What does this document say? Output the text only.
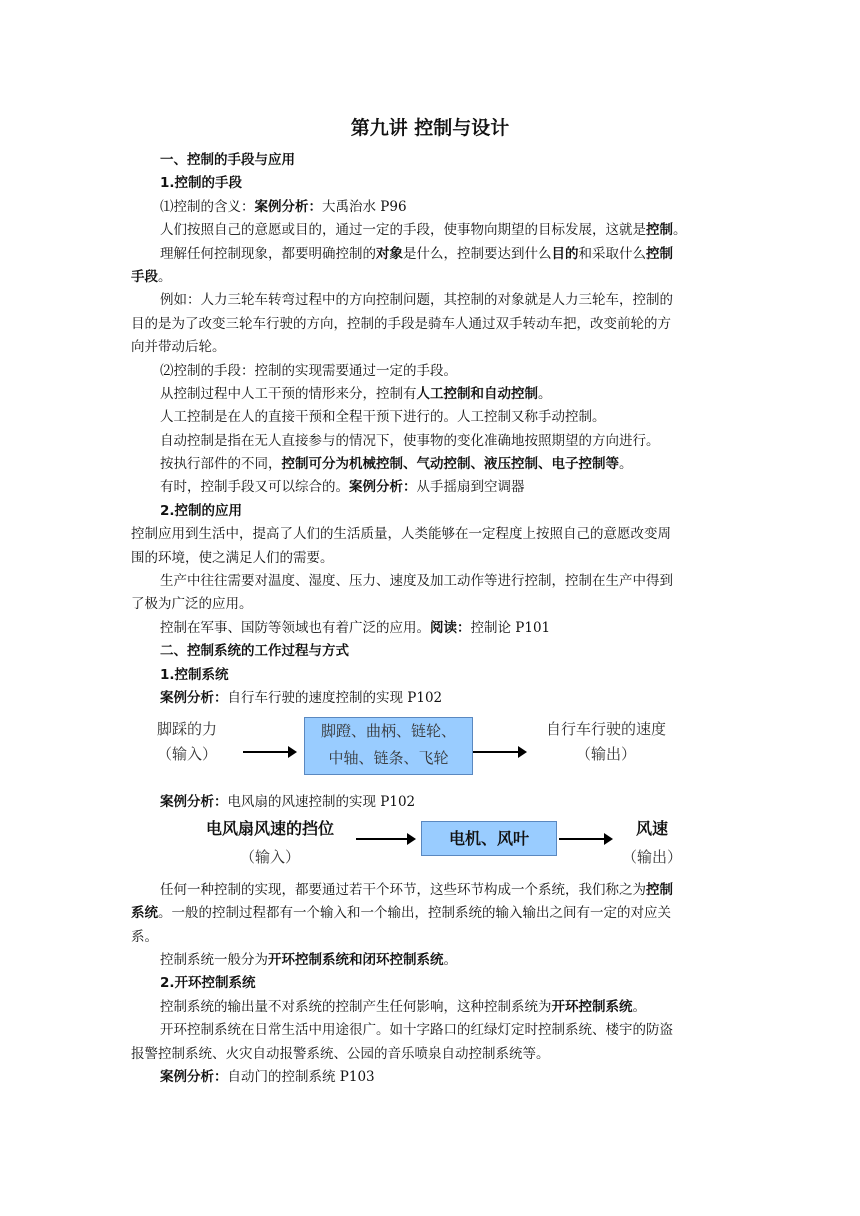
第九讲 控制与设计
一、控制的手段与应用
1.控制的手段
⑴控制的含义：案例分析：大禹治水 P96
人们按照自己的意愿或目的，通过一定的手段，使事物向期望的目标发展，这就是控制。
理解任何控制现象，都要明确控制的对象是什么，控制要达到什么目的和采取什么控制
手段。
例如：人力三轮车转弯过程中的方向控制问题，其控制的对象就是人力三轮车，控制的
目的是为了改变三轮车行驶的方向，控制的手段是骑车人通过双手转动车把，改变前轮的方
向并带动后轮。
⑵控制的手段：控制的实现需要通过一定的手段。
从控制过程中人工干预的情形来分，控制有人工控制和自动控制。
人工控制是在人的直接干预和全程干预下进行的。人工控制又称手动控制。
自动控制是指在无人直接参与的情况下，使事物的变化准确地按照期望的方向进行。
按执行部件的不同，控制可分为机械控制、气动控制、液压控制、电子控制等。
有时，控制手段又可以综合的。案例分析：从手摇扇到空调器
2.控制的应用
控制应用到生活中，提高了人们的生活质量，人类能够在一定程度上按照自己的意愿改变周
围的环境，使之满足人们的需要。
生产中往往需要对温度、湿度、压力、速度及加工动作等进行控制，控制在生产中得到
了极为广泛的应用。
控制在军事、国防等领域也有着广泛的应用。阅读：控制论 P101
二、控制系统的工作过程与方式
1.控制系统
案例分析：自行车行驶的速度控制的实现 P102
脚踩的力
（输入）
脚蹬、曲柄、链轮、
中轴、链条、飞轮
自行车行驶的速度
（输出）
案例分析：电风扇的风速控制的实现 P102
电风扇风速的挡位
（输入）
电机、风叶
风速
（输出）
任何一种控制的实现，都要通过若干个环节，这些环节构成一个系统，我们称之为控制
系统。一般的控制过程都有一个输入和一个输出，控制系统的输入输出之间有一定的对应关
系。
控制系统一般分为开环控制系统和闭环控制系统。
2.开环控制系统
控制系统的输出量不对系统的控制产生任何影响，这种控制系统为开环控制系统。
开环控制系统在日常生活中用途很广。如十字路口的红绿灯定时控制系统、楼宇的防盗
报警控制系统、火灾自动报警系统、公园的音乐喷泉自动控制系统等。
案例分析：自动门的控制系统 P103
